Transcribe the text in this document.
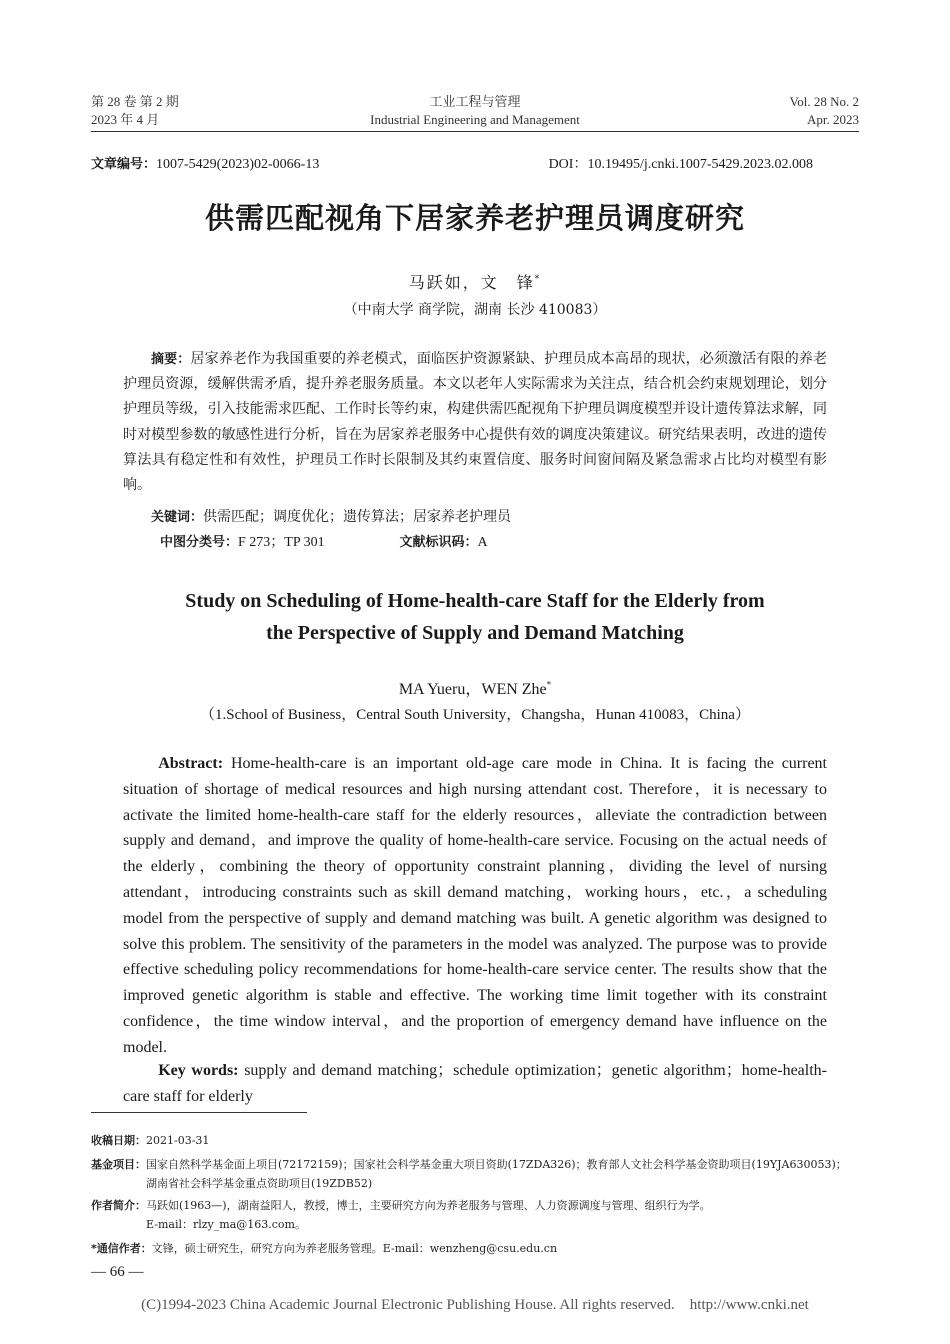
第 28 卷 第 2 期
2023 年 4 月
工业工程与管理
Industrial Engineering and Management
Vol. 28 No. 2
Apr. 2023
文章编号：1007-5429(2023)02-0066-13	DOI：10.19495/j.cnki.1007-5429.2023.02.008
供需匹配视角下居家养老护理员调度研究
马跃如，文　锋*
（中南大学 商学院，湖南 长沙 410083）
摘要：居家养老作为我国重要的养老模式，面临医护资源紧缺、护理员成本高昂的现状，必须激活有限的养老护理员资源，缓解供需矛盾，提升养老服务质量。本文以老年人实际需求为关注点，结合机会约束规划理论，划分护理员等级，引入技能需求匹配、工作时长等约束，构建供需匹配视角下护理员调度模型并设计遗传算法求解，同时对模型参数的敏感性进行分析，旨在为居家养老服务中心提供有效的调度决策建议。研究结果表明，改进的遗传算法具有稳定性和有效性，护理员工作时长限制及其约束置信度、服务时间窗间隔及紧急需求占比均对模型有影响。
关键词：供需匹配；调度优化；遗传算法；居家养老护理员
中图分类号：F 273；TP 301	文献标识码：A
Study on Scheduling of Home-health-care Staff for the Elderly from
the Perspective of Supply and Demand Matching
MA Yueru，WEN Zhe*
（1.School of Business，Central South University，Changsha，Hunan 410083，China）
Abstract: Home-health-care is an important old-age care mode in China. It is facing the current situation of shortage of medical resources and high nursing attendant cost. Therefore，it is necessary to activate the limited home-health-care staff for the elderly resources，alleviate the contradiction between supply and demand，and improve the quality of home-health-care service. Focusing on the actual needs of the elderly，combining the theory of opportunity constraint planning，dividing the level of nursing attendant，introducing constraints such as skill demand matching，working hours，etc.，a scheduling model from the perspective of supply and demand matching was built. A genetic algorithm was designed to solve this problem. The sensitivity of the parameters in the model was analyzed. The purpose was to provide effective scheduling policy recommendations for home-health-care service center. The results show that the improved genetic algorithm is stable and effective. The working time limit together with its constraint confidence，the time window interval，and the proportion of emergency demand have influence on the model.
Key words: supply and demand matching；schedule optimization；genetic algorithm；home-health-care staff for elderly
收稿日期：2021-03-31
基金项目：国家自然科学基金面上项目(72172159)；国家社会科学基金重大项目资助(17ZDA326)；教育部人文社会科学基金资助项目(19YJA630053)；
湖南省社会科学基金重点资助项目(19ZDB52)
作者简介：马跃如(1963—)，湖南益阳人，教授，博士，主要研究方向为养老服务与管理、人力资源调度与管理、组织行为学。
E-mail：rlzy_ma@163.com。
*通信作者：文锋，硕士研究生，研究方向为养老服务管理。E-mail：wenzheng@csu.edu.cn
— 66 —
(C)1994-2023 China Academic Journal Electronic Publishing House. All rights reserved.    http://www.cnki.net
